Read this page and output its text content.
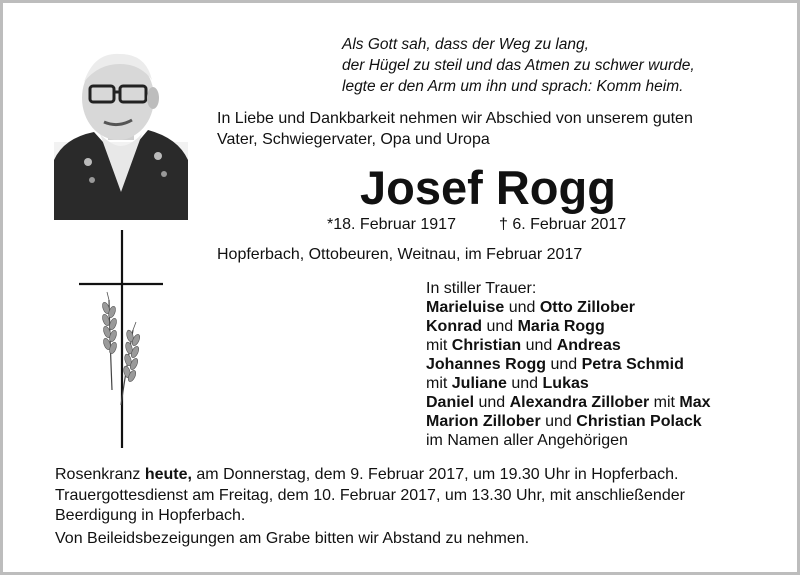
Als Gott sah, dass der Weg zu lang,
der Hügel zu steil und das Atmen zu schwer wurde,
legte er den Arm um ihn und sprach: Komm heim.
In Liebe und Dankbarkeit nehmen wir Abschied von unserem guten
Vater, Schwiegervater, Opa und Uropa
Josef Rogg
*18. Februar 1917	† 6. Februar 2017
Hopferbach, Ottobeuren, Weitnau, im Februar 2017
In stiller Trauer:
Marieluise und Otto Zillober
Konrad und Maria Rogg
mit Christian und Andreas
Johannes Rogg und Petra Schmid
mit Juliane und Lukas
Daniel und Alexandra Zillober mit Max
Marion Zillober und Christian Polack
im Namen aller Angehörigen
Rosenkranz heute, am Donnerstag, dem 9. Februar 2017, um 19.30 Uhr in Hopferbach.
Trauergottesdienst am Freitag, dem 10. Februar 2017, um 13.30 Uhr, mit anschließender
Beerdigung in Hopferbach.
Von Beileidsbezeigungen am Grabe bitten wir Abstand zu nehmen.
